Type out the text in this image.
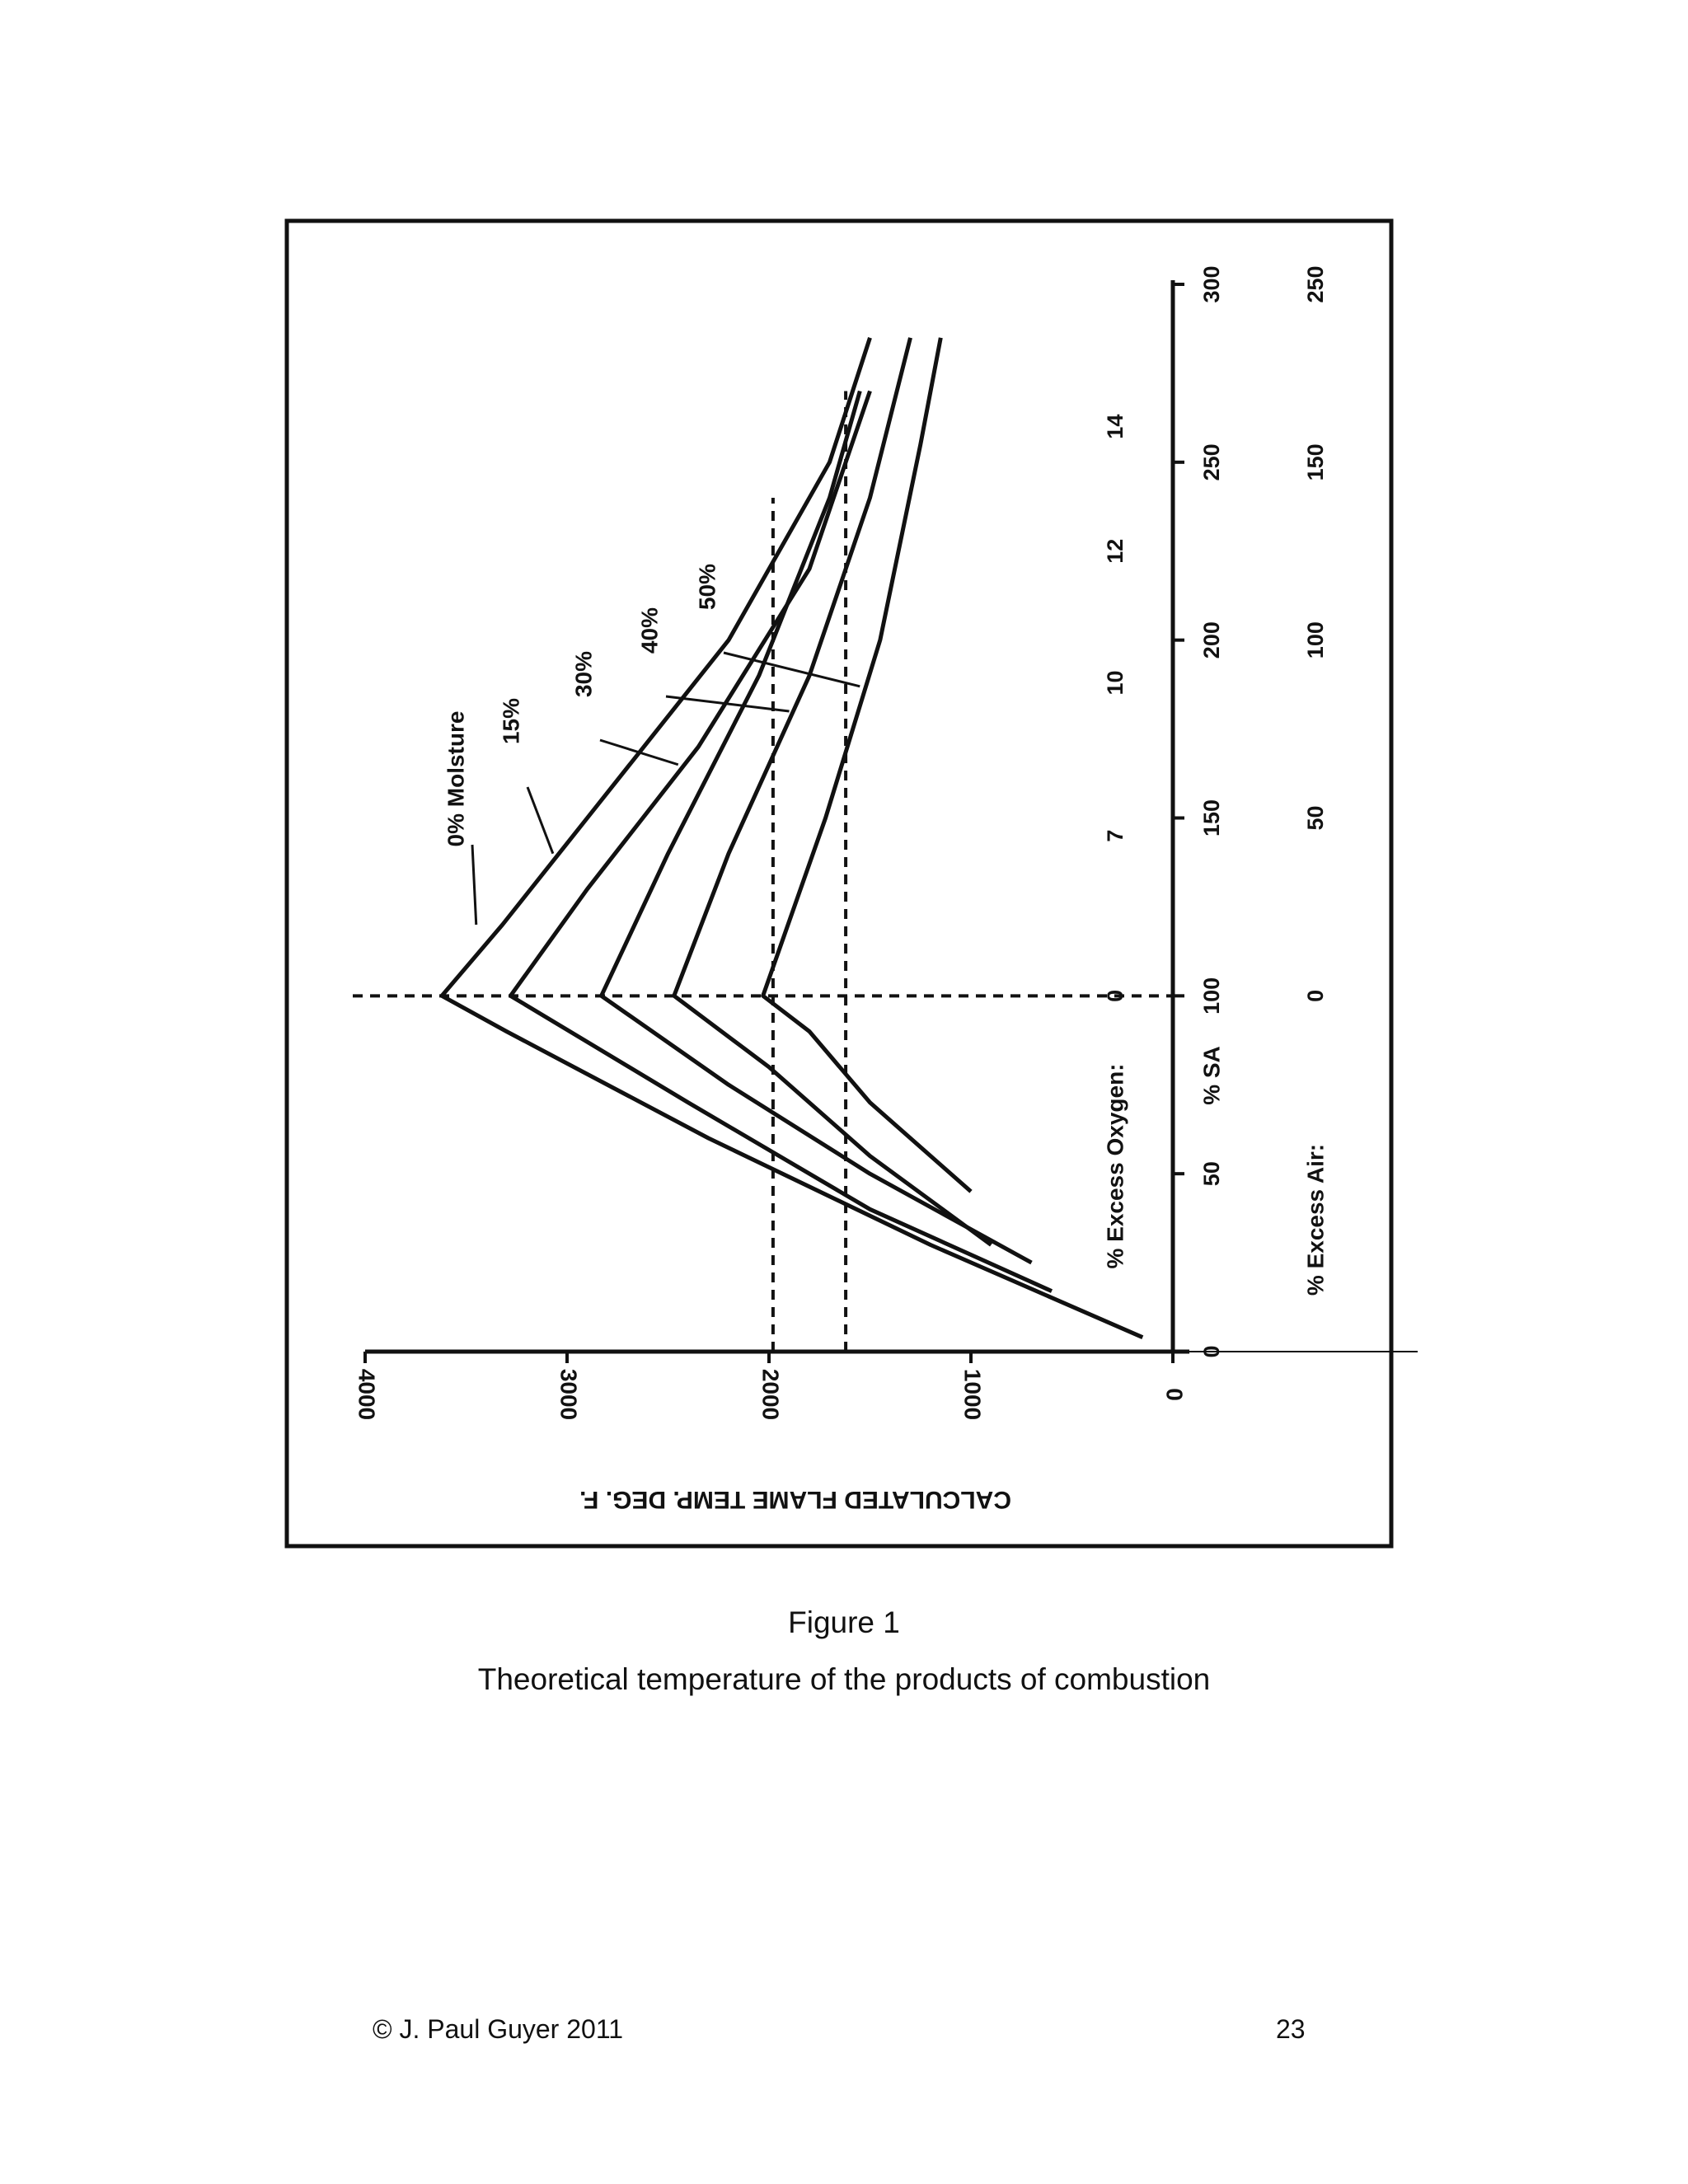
0
1000
2000
3000
4000
CALCULATED FLAME TEMP. DEG. F.
0
50
100
150
200
250
300
% SA
0
7
10
12
14
% Excess Oxygen:
0
50
100
150
250
% Excess Air:
0% Molsture 15%
30%
40%
50%
Figure 1
Theoretical temperature of the products of combustion
© J. Paul Guyer 2011	23
